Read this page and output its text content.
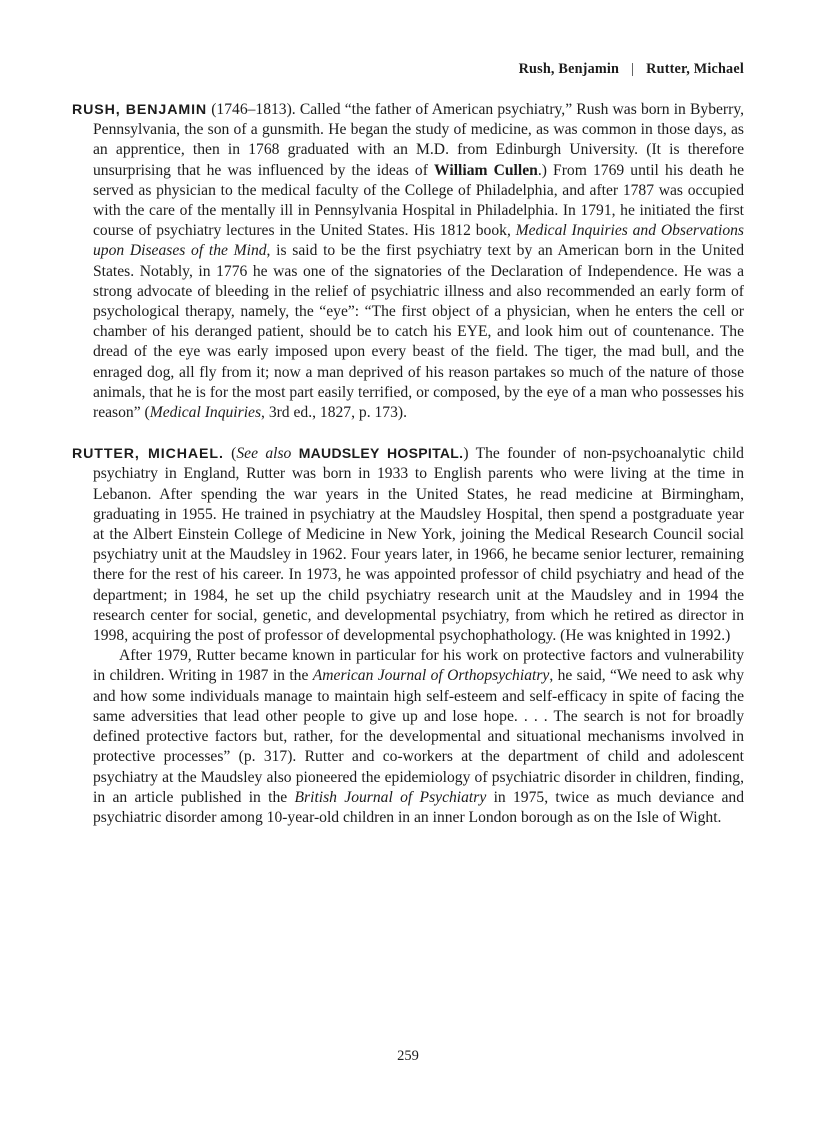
Rush, Benjamin | Rutter, Michael

RUSH, BENJAMIN (1746–1813). Called “the father of American psychiatry,” Rush was born in Byberry, Pennsylvania, the son of a gunsmith. He began the study of medicine, as was common in those days, as an apprentice, then in 1768 graduated with an M.D. from Edinburgh University. (It is therefore unsurprising that he was influenced by the ideas of William Cullen.) From 1769 until his death he served as physician to the medical faculty of the College of Philadelphia, and after 1787 was occupied with the care of the mentally ill in Pennsylvania Hospital in Philadelphia. In 1791, he initiated the first course of psychiatry lectures in the United States. His 1812 book, Medical Inquiries and Observations upon Diseases of the Mind, is said to be the first psychiatry text by an American born in the United States. Notably, in 1776 he was one of the signatories of the Declaration of Independence. He was a strong advocate of bleeding in the relief of psychiatric illness and also recommended an early form of psychological therapy, namely, the “eye”: “The first object of a physician, when he enters the cell or chamber of his deranged patient, should be to catch his EYE, and look him out of countenance. The dread of the eye was early imposed upon every beast of the field. The tiger, the mad bull, and the enraged dog, all fly from it; now a man deprived of his reason partakes so much of the nature of those animals, that he is for the most part easily terrified, or composed, by the eye of a man who possesses his reason” (Medical Inquiries, 3rd ed., 1827, p. 173).

RUTTER, MICHAEL. (See also MAUDSLEY HOSPITAL.) The founder of non-psychoanalytic child psychiatry in England, Rutter was born in 1933 to English parents who were living at the time in Lebanon. After spending the war years in the United States, he read medicine at Birmingham, graduating in 1955. He trained in psychiatry at the Maudsley Hospital, then spend a postgraduate year at the Albert Einstein College of Medicine in New York, joining the Medical Research Council social psychiatry unit at the Maudsley in 1962. Four years later, in 1966, he became senior lecturer, remaining there for the rest of his career. In 1973, he was appointed professor of child psychiatry and head of the department; in 1984, he set up the child psychiatry research unit at the Maudsley and in 1994 the research center for social, genetic, and developmental psychiatry, from which he retired as director in 1998, acquiring the post of professor of developmental psychophathology. (He was knighted in 1992.)
After 1979, Rutter became known in particular for his work on protective factors and vulnerability in children. Writing in 1987 in the American Journal of Orthopsychiatry, he said, “We need to ask why and how some individuals manage to maintain high self-esteem and self-efficacy in spite of facing the same adversities that lead other people to give up and lose hope. . . . The search is not for broadly defined protective factors but, rather, for the developmental and situational mechanisms involved in protective processes” (p. 317). Rutter and co-workers at the department of child and adolescent psychiatry at the Maudsley also pioneered the epidemiology of psychiatric disorder in children, finding, in an article published in the British Journal of Psychiatry in 1975, twice as much deviance and psychiatric disorder among 10-year-old children in an inner London borough as on the Isle of Wight.

259
